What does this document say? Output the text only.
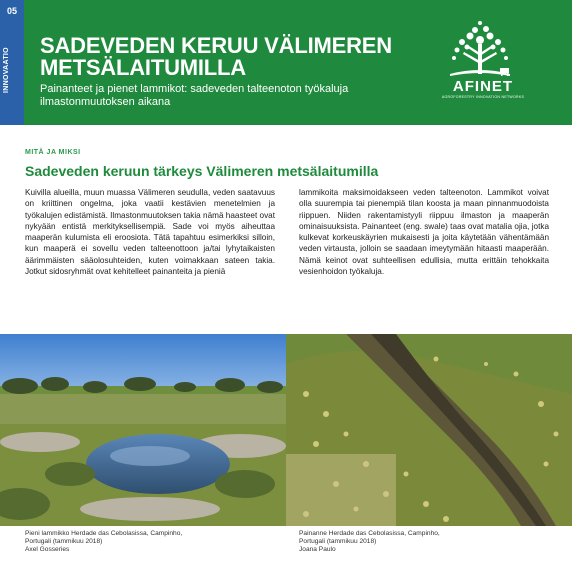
05
INNOVAATIO
SADEVEDEN KERUU VÄLIMEREN METSÄLAITUMILLA
Painanteet ja pienet lammikot: sadeveden talteenoton työkaluja ilmastonmuutoksen aikana
AFINET
AGROFORESTRY INNOVATION NETWORKS
MITÄ JA MIKSI
Sadeveden keruun tärkeys Välimeren metsälaitumilla
Kuivilla alueilla, muun muassa Välimeren seudulla, veden saatavuus on kriittinen ongelma, joka vaatii kestävien menetelmien ja työkalujen edistämistä. Ilmastonmuutoksen takia nämä haasteet ovat nykyään entistä merkityksellisempiä. Sade voi myös aiheuttaa maaperän kulumista eli eroosiota. Tätä tapahtuu esimerkiksi silloin, kun maaperä ei sovellu veden talteenottoon ja/tai lyhytaikaisten äärimmäisten sääolosuhteiden, kuten voimakkaan sateen takia. Jotkut sidosryhmät ovat kehitelleet painanteita ja pieniä
lammikoita maksimoidakseen veden talteenoton. Lammikot voivat olla suurempia tai pienempiä tilan koosta ja maan pinnanmuodoista riippuen. Niiden rakentamistyyli riippuu ilmaston ja maaperän ominaisuuksista. Painanteet (eng. swale) taas ovat matalia ojia, jotka kulkevat korkeuskäyrien mukaisesti ja joita käytetään vähentämään veden virtausta, jolloin se saadaan imeytymään hitaasti maaperään. Nämä keinot ovat suhteellisen edullisia, mutta erittäin tehokkaita vesienhoidon työkaluja.
Pieni lammikko Herdade das Cebolasissa, Campinho,
Portugali (tammikuu 2018)
Axel Gosseries
Painanne Herdade das Cebolasissa, Campinho,
Portugali (tammikuu 2018)
Joana Paulo
